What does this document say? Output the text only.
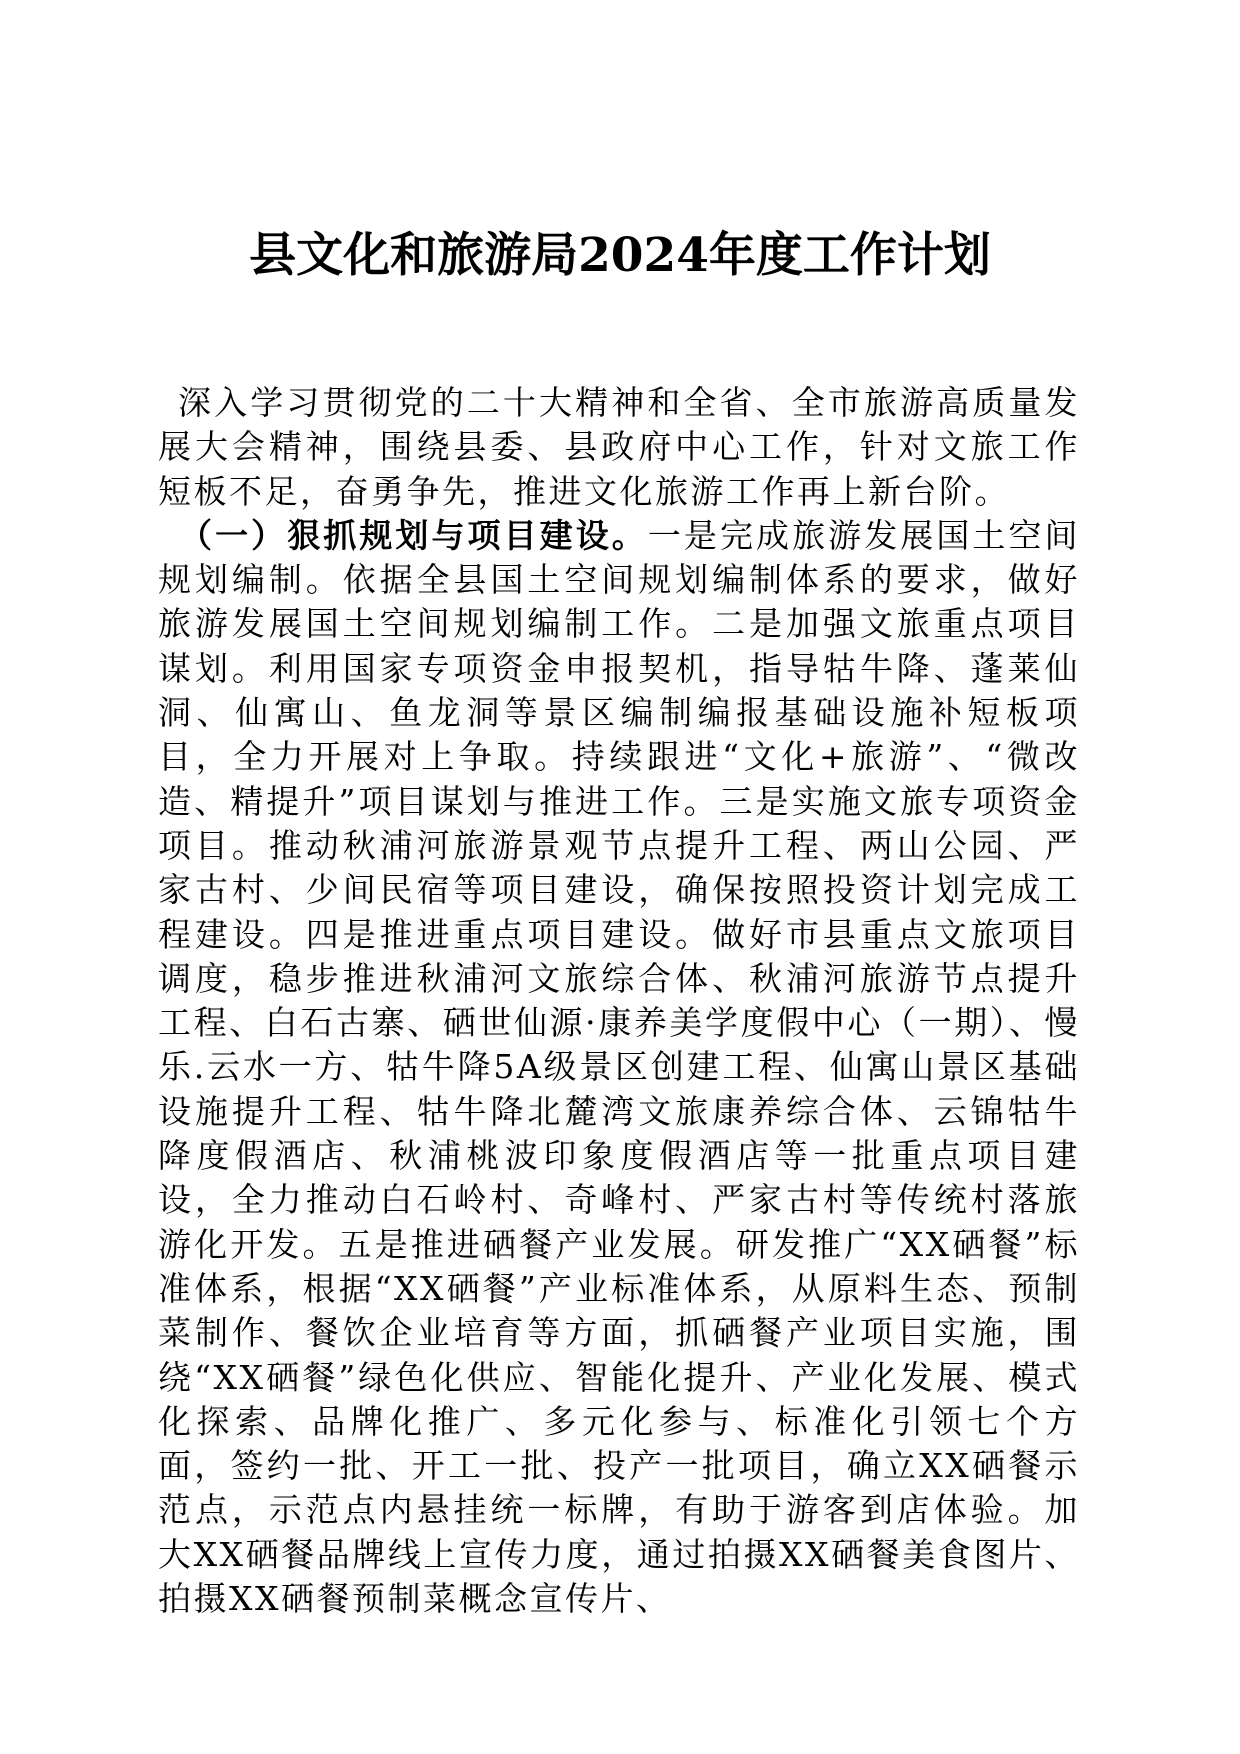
县文化和旅游局2024年度工作计划

深入学习贯彻党的二十大精神和全省、全市旅游高质量发展大会精神，围绕县委、县政府中心工作，针对文旅工作短板不足，奋勇争先，推进文化旅游工作再上新台阶。

（一）狠抓规划与项目建设。一是完成旅游发展国土空间规划编制。依据全县国土空间规划编制体系的要求，做好旅游发展国土空间规划编制工作。二是加强文旅重点项目谋划。利用国家专项资金申报契机，指导牯牛降、蓬莱仙洞、仙寓山、鱼龙洞等景区编制编报基础设施补短板项目，全力开展对上争取。持续跟进“文化+旅游”、“微改造、精提升”项目谋划与推进工作。三是实施文旅专项资金项目。推动秋浦河旅游景观节点提升工程、两山公园、严家古村、少间民宿等项目建设，确保按照投资计划完成工程建设。四是推进重点项目建设。做好市县重点文旅项目调度，稳步推进秋浦河文旅综合体、秋浦河旅游节点提升工程、白石古寨、硒世仙源·康养美学度假中心（一期）、慢乐.云水一方、牯牛降5A级景区创建工程、仙寓山景区基础设施提升工程、牯牛降北麓湾文旅康养综合体、云锦牯牛降度假酒店、秋浦桃波印象度假酒店等一批重点项目建设，全力推动白石岭村、奇峰村、严家古村等传统村落旅游化开发。五是推进硒餐产业发展。研发推广“XX硒餐”标准体系，根据“XX硒餐”产业标准体系，从原料生态、预制菜制作、餐饮企业培育等方面，抓硒餐产业项目实施，围绕“XX硒餐”绿色化供应、智能化提升、产业化发展、模式化探索、品牌化推广、多元化参与、标准化引领七个方面，签约一批、开工一批、投产一批项目，确立XX硒餐示范点，示范点内悬挂统一标牌，有助于游客到店体验。加大XX硒餐品牌线上宣传力度，通过拍摄XX硒餐美食图片、拍摄XX硒餐预制菜概念宣传片、
